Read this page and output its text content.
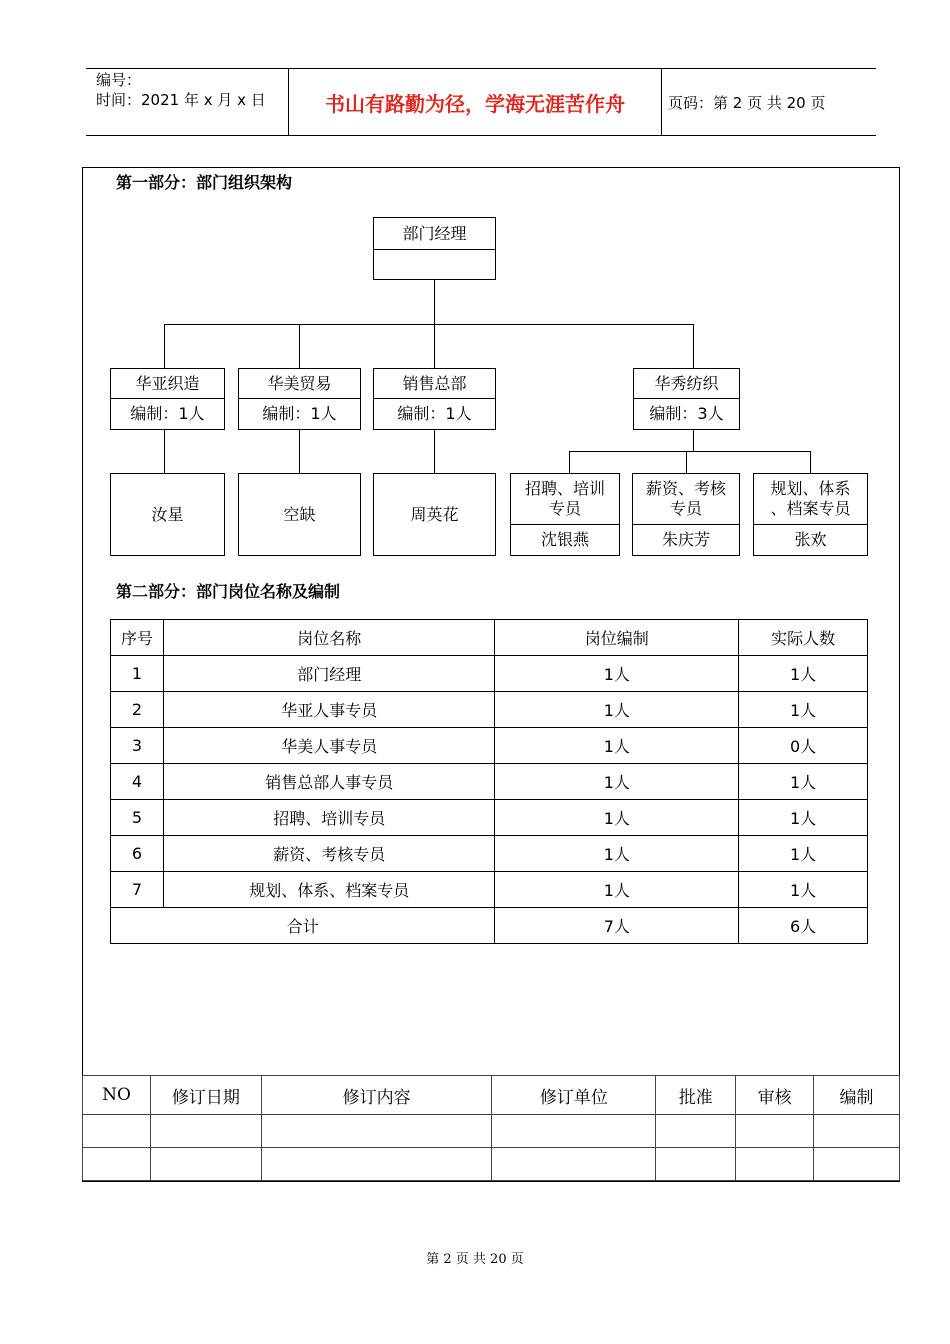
编号：
时间：2021 年 x 月 x 日	书山有路勤为径，学海无涯苦作舟	页码：第 2 页 共 20 页
第一部分：部门组织架构
部门经理
华亚织造
编制：1人
华美贸易
编制：1人
销售总部
编制：1人
华秀纺织
编制：3人
汝星	空缺	周英花
招聘、培训
专员
沈银燕
薪资、考核
专员
朱庆芳
规划、体系
、档案专员
张欢
第二部分：部门岗位名称及编制
序号	岗位名称	岗位编制	实际人数
1	部门经理	1人	1人
2	华亚人事专员	1人	1人
3	华美人事专员	1人	0人
4	销售总部人事专员	1人	1人
5	招聘、培训专员	1人	1人
6	薪资、考核专员	1人	1人
7	规划、体系、档案专员	1人	1人
合计		7人	6人
NO	修订日期	修订内容	修订单位	批准	审核	编制

第 2 页 共 20 页
